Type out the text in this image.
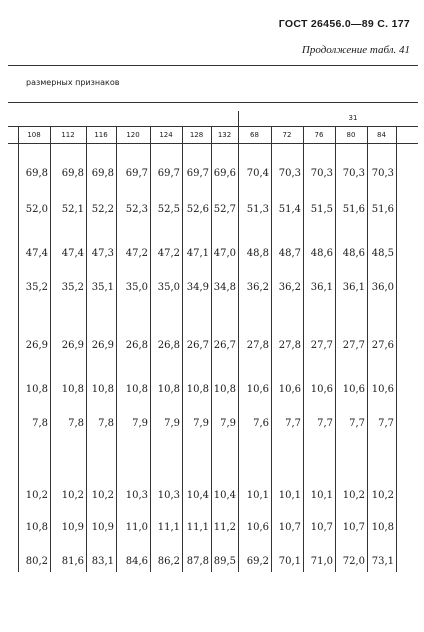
ГОСТ 26456.0—89 С. 177
Продолжение табл. 41
размерных признаков
31
108	112	116	120	124	128	132	68	72	76	80	84
69,8	69,8 69,8	69,7 69,7 69,7 69,6	70,4 70,3 70,3 70,3 70,3
52,0	52,1 52,2	52,3 52,5 52,6 52,7	51,3 51,4 51,5 51,6 51,6
47,4	47,4 47,3	47,2 47,2 47,1 47,0	48,8 48,7 48,6 48,6 48,5
35,2	35,2 35,1	35,0 35,0 34,9 34,8	36,2 36,2 36,1 36,1 36,0
26,9	26,9 26,9	26,8 26,8 26,7 26,7	27,8 27,8 27,7 27,7 27,6
10,8	10,8 10,8	10,8 10,8 10,8 10,8	10,6 10,6 10,6 10,6 10,6
7,8	7,8	7,8	7,9	7,9	7,9	7,9	7,6	7,7	7,7	7,7	7,7
10,2	10,2 10,2	10,3 10,3 10,4 10,4	10,1 10,1 10,1 10,2 10,2
10,8	10,9 10,9	11,0 11,1 11,1 11,2	10,6 10,7 10,7 10,7 10,8
80,2	81,6 83,1	84,6 86,2 87,8 89,5	69,2 70,1 71,0 72,0 73,1
